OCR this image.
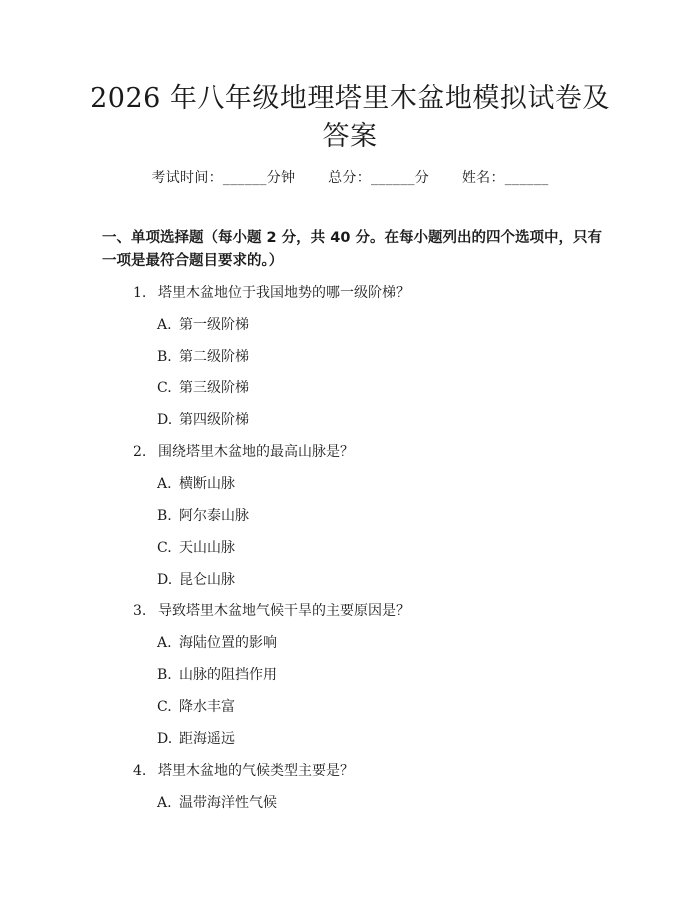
2026 年八年级地理塔里木盆地模拟试卷及答案
考试时间：______分钟 总分：______分 姓名：______
一、单项选择题（每小题 2 分，共 40 分。在每小题列出的四个选项中，只有一项是最符合题目要求的。）
1. 塔里木盆地位于我国地势的哪一级阶梯？
A. 第一级阶梯
B. 第二级阶梯
C. 第三级阶梯
D. 第四级阶梯
2. 围绕塔里木盆地的最高山脉是？
A. 横断山脉
B. 阿尔泰山脉
C. 天山山脉
D. 昆仑山脉
3. 导致塔里木盆地气候干旱的主要原因是？
A. 海陆位置的影响
B. 山脉的阻挡作用
C. 降水丰富
D. 距海遥远
4. 塔里木盆地的气候类型主要是？
A. 温带海洋性气候
